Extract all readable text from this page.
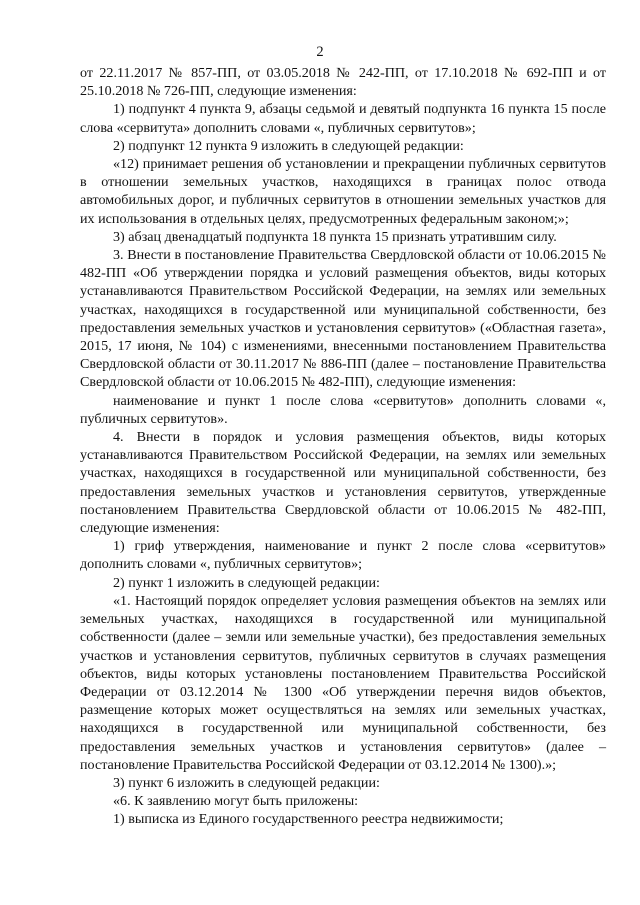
2

от 22.11.2017 № 857-ПП, от 03.05.2018 № 242-ПП, от 17.10.2018 № 692-ПП и от 25.10.2018 № 726-ПП, следующие изменения:

1) подпункт 4 пункта 9, абзацы седьмой и девятый подпункта 16 пункта 15 после слова «сервитута» дополнить словами «, публичных сервитутов»;

2) подпункт 12 пункта 9 изложить в следующей редакции:

«12) принимает решения об установлении и прекращении публичных сервитутов в отношении земельных участков, находящихся в границах полос отвода автомобильных дорог, и публичных сервитутов в отношении земельных участков для их использования в отдельных целях, предусмотренных федеральным законом;»;

3) абзац двенадцатый подпункта 18 пункта 15 признать утратившим силу.

3. Внести в постановление Правительства Свердловской области от 10.06.2015 № 482-ПП «Об утверждении порядка и условий размещения объектов, виды которых устанавливаются Правительством Российской Федерации, на землях или земельных участках, находящихся в государственной или муниципальной собственности, без предоставления земельных участков и установления сервитутов» («Областная газета», 2015, 17 июня, № 104) с изменениями, внесенными постановлением Правительства Свердловской области от 30.11.2017 № 886-ПП (далее – постановление Правительства Свердловской области от 10.06.2015 № 482-ПП), следующие изменения:

наименование и пункт 1 после слова «сервитутов» дополнить словами «, публичных сервитутов».

4. Внести в порядок и условия размещения объектов, виды которых устанавливаются Правительством Российской Федерации, на землях или земельных участках, находящихся в государственной или муниципальной собственности, без предоставления земельных участков и установления сервитутов, утвержденные постановлением Правительства Свердловской области от 10.06.2015 № 482-ПП, следующие изменения:

1) гриф утверждения, наименование и пункт 2 после слова «сервитутов» дополнить словами «, публичных сервитутов»;

2) пункт 1 изложить в следующей редакции:

«1. Настоящий порядок определяет условия размещения объектов на землях или земельных участках, находящихся в государственной или муниципальной собственности (далее – земли или земельные участки), без предоставления земельных участков и установления сервитутов, публичных сервитутов в случаях размещения объектов, виды которых установлены постановлением Правительства Российской Федерации от 03.12.2014 № 1300 «Об утверждении перечня видов объектов, размещение которых может осуществляться на землях или земельных участках, находящихся в государственной или муниципальной собственности, без предоставления земельных участков и установления сервитутов» (далее – постановление Правительства Российской Федерации от 03.12.2014 № 1300).»;

3) пункт 6 изложить в следующей редакции:

«6. К заявлению могут быть приложены:

1) выписка из Единого государственного реестра недвижимости;
